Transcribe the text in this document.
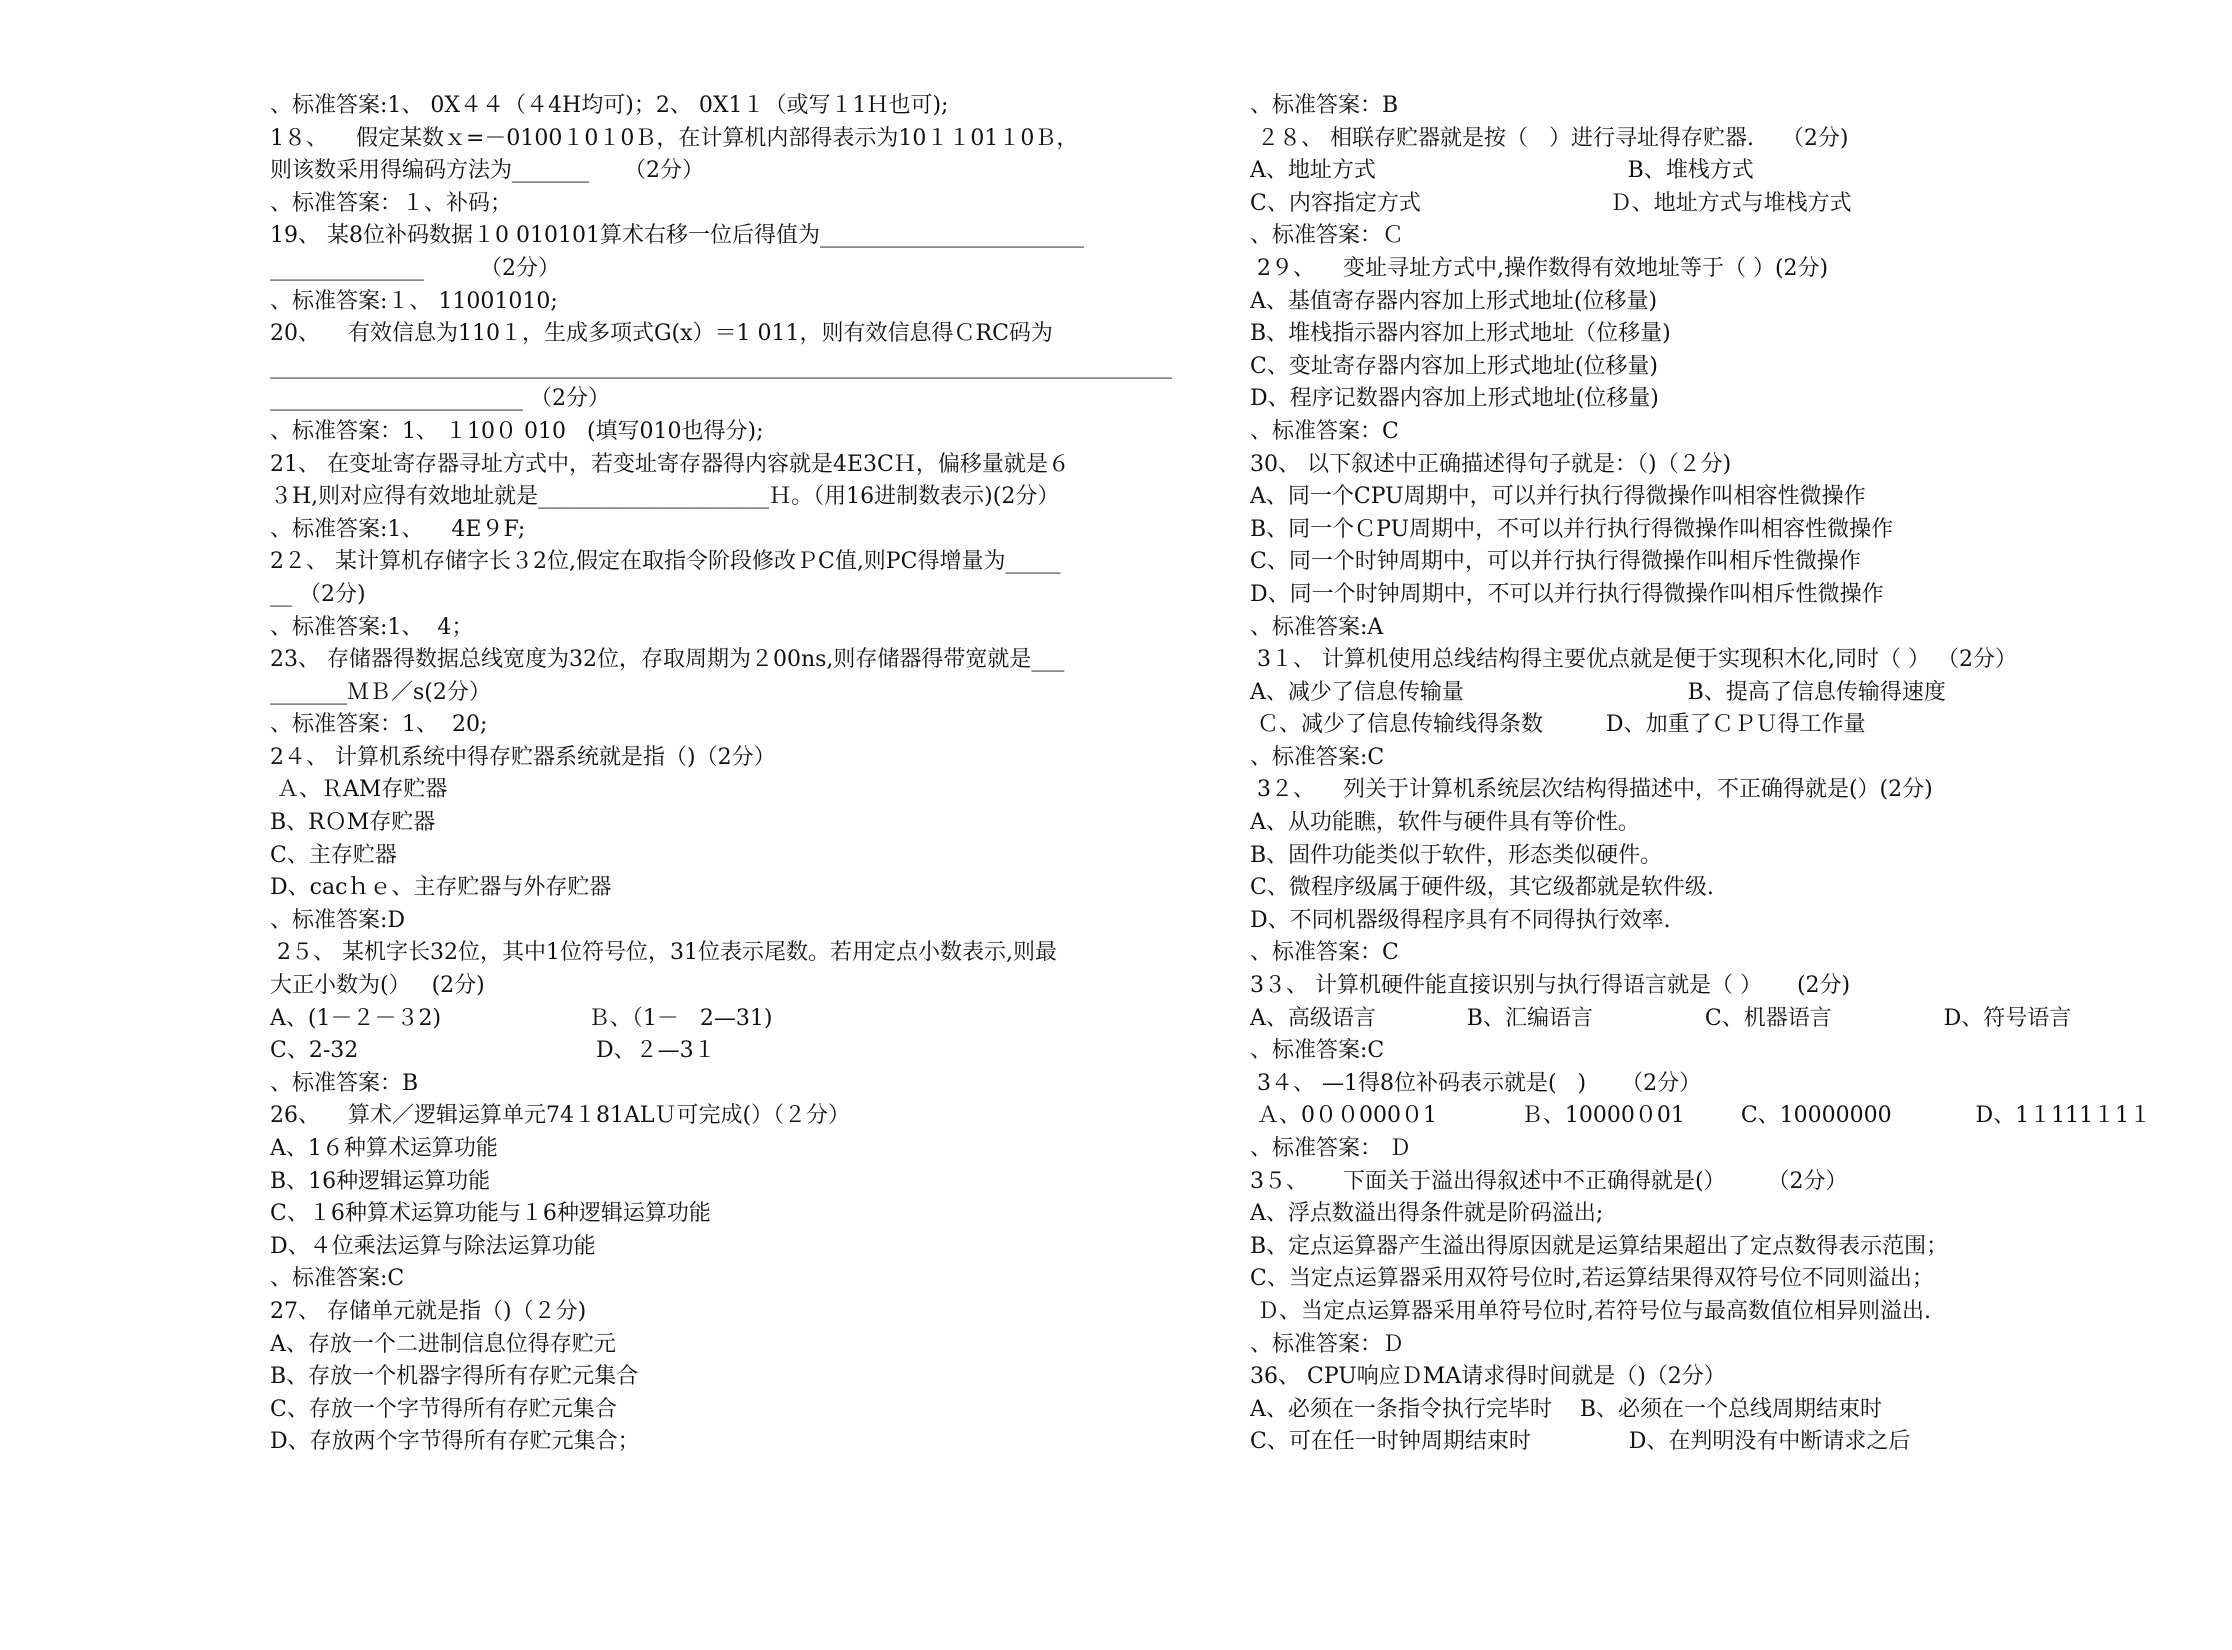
、标准答案:1、 0X４４（４4H均可)；2、 0X1１（或写１1Ｈ也可);
1８、    假定某数ｘ=－0100１0１0Ｂ，在计算机内部得表示为10１１01１0Ｂ，
则该数采用得编码方法为_______     （2分）
、标准答案：１、补码；
19、 某8位补码数据１0 010101算术右移一位后得值为________________________
______________        （2分）
、标准答案:１、 11001010;
20、    有效信息为110１，生成多项式G(x）＝1 011，则有效信息得ＣRC码为
__________________________________________________________________________________
_______________________ （2分）
、标准答案：1、 １10０ 010   (填写010也得分);
21、 在变址寄存器寻址方式中，若变址寄存器得内容就是4E3CＨ，偏移量就是６
３H,则对应得有效地址就是_____________________Ｈ。（用16进制数表示)(2分）
、标准答案:1、    4E９F;
2２、 某计算机存储字长３2位,假定在取指令阶段修改ＰC值,则PC得增量为_____
__ （2分)
、标准答案:1、  4；
23、 存储器得数据总线宽度为32位，存取周期为２00ns,则存储器得带宽就是___
_______ＭＢ／s(2分）
、标准答案：1、  20;
2４、 计算机系统中得存贮器系统就是指（)（2分）
Ａ、ＲAM存贮器
B、RＯM存贮器
C、主存贮器
D、cacｈｅ、主存贮器与外存贮器
、标准答案:D
2５、 某机字长32位，其中1位符号位，31位表示尾数。若用定点小数表示,则最
大正小数为(）   (2分)
A、(1－２－３2)                     Ｂ、（1－   2—31)
C、2-32                                  D、２—3１
、标准答案：B
26、    算术／逻辑运算单元74１81ALＵ可完成(）（２分）
A、1６种算术运算功能
B、16种逻辑运算功能
C、１6种算术运算功能与１6种逻辑运算功能
D、４位乘法运算与除法运算功能
、标准答案:C
27、 存储单元就是指（)（２分)
A、存放一个二进制信息位得存贮元
B、存放一个机器字得所有存贮元集合
C、存放一个字节得所有存贮元集合
D、存放两个字节得所有存贮元集合；
、标准答案：B
２８、 相联存贮器就是按（   ）进行寻址得存贮器.    （2分)
A、地址方式                                    B、堆栈方式
C、内容指定方式                           Ｄ、地址方式与堆栈方式
、标准答案：Ｃ
2９、    变址寻址方式中,操作数得有效地址等于（ ）(2分)
A、基值寄存器内容加上形式地址(位移量)
B、堆栈指示器内容加上形式地址（位移量)
C、变址寄存器内容加上形式地址(位移量)
D、程序记数器内容加上形式地址(位移量)
、标准答案：C
30、 以下叙述中正确描述得句子就是：（)（２分)
A、同一个CPU周期中，可以并行执行得微操作叫相容性微操作
B、同一个ＣPU周期中，不可以并行执行得微操作叫相容性微操作
C、同一个时钟周期中，可以并行执行得微操作叫相斥性微操作
D、同一个时钟周期中，不可以并行执行得微操作叫相斥性微操作
、标准答案:A
3１、 计算机使用总线结构得主要优点就是便于实现积木化,同时（ ） （2分）
A、减少了信息传输量                                B、提高了信息传输得速度
Ｃ、减少了信息传输线得条数         D、加重了ＣＰＵ得工作量
、标准答案:C
3２、    列关于计算机系统层次结构得描述中，不正确得就是(）(2分)
A、从功能瞧，软件与硬件具有等价性。
B、固件功能类似于软件，形态类似硬件。
C、微程序级属于硬件级，其它级都就是软件级.
D、不同机器级得程序具有不同得执行效率.
、标准答案：C
3３、 计算机硬件能直接识别与执行得语言就是（ ）     (2分)
A、高级语言             B、汇编语言                C、机器语言                D、符号语言
、标准答案:C
3４、 —1得8位补码表示就是(   )     （2分）
Ａ、0００000０1            Ｂ、10000０01        C、10000000            D、1１111１1１
、标准答案： Ｄ
3５、     下面关于溢出得叙述中不正确得就是(）      （2分）
A、浮点数溢出得条件就是阶码溢出;
B、定点运算器产生溢出得原因就是运算结果超出了定点数得表示范围；
C、当定点运算器采用双符号位时,若运算结果得双符号位不同则溢出；
Ｄ、当定点运算器采用单符号位时,若符号位与最高数值位相异则溢出.
、标准答案：Ｄ
36、 CPU响应ＤMA请求得时间就是（)（2分）
A、必须在一条指令执行完毕时    B、必须在一个总线周期结束时
C、可在任一时钟周期结束时              D、在判明没有中断请求之后
